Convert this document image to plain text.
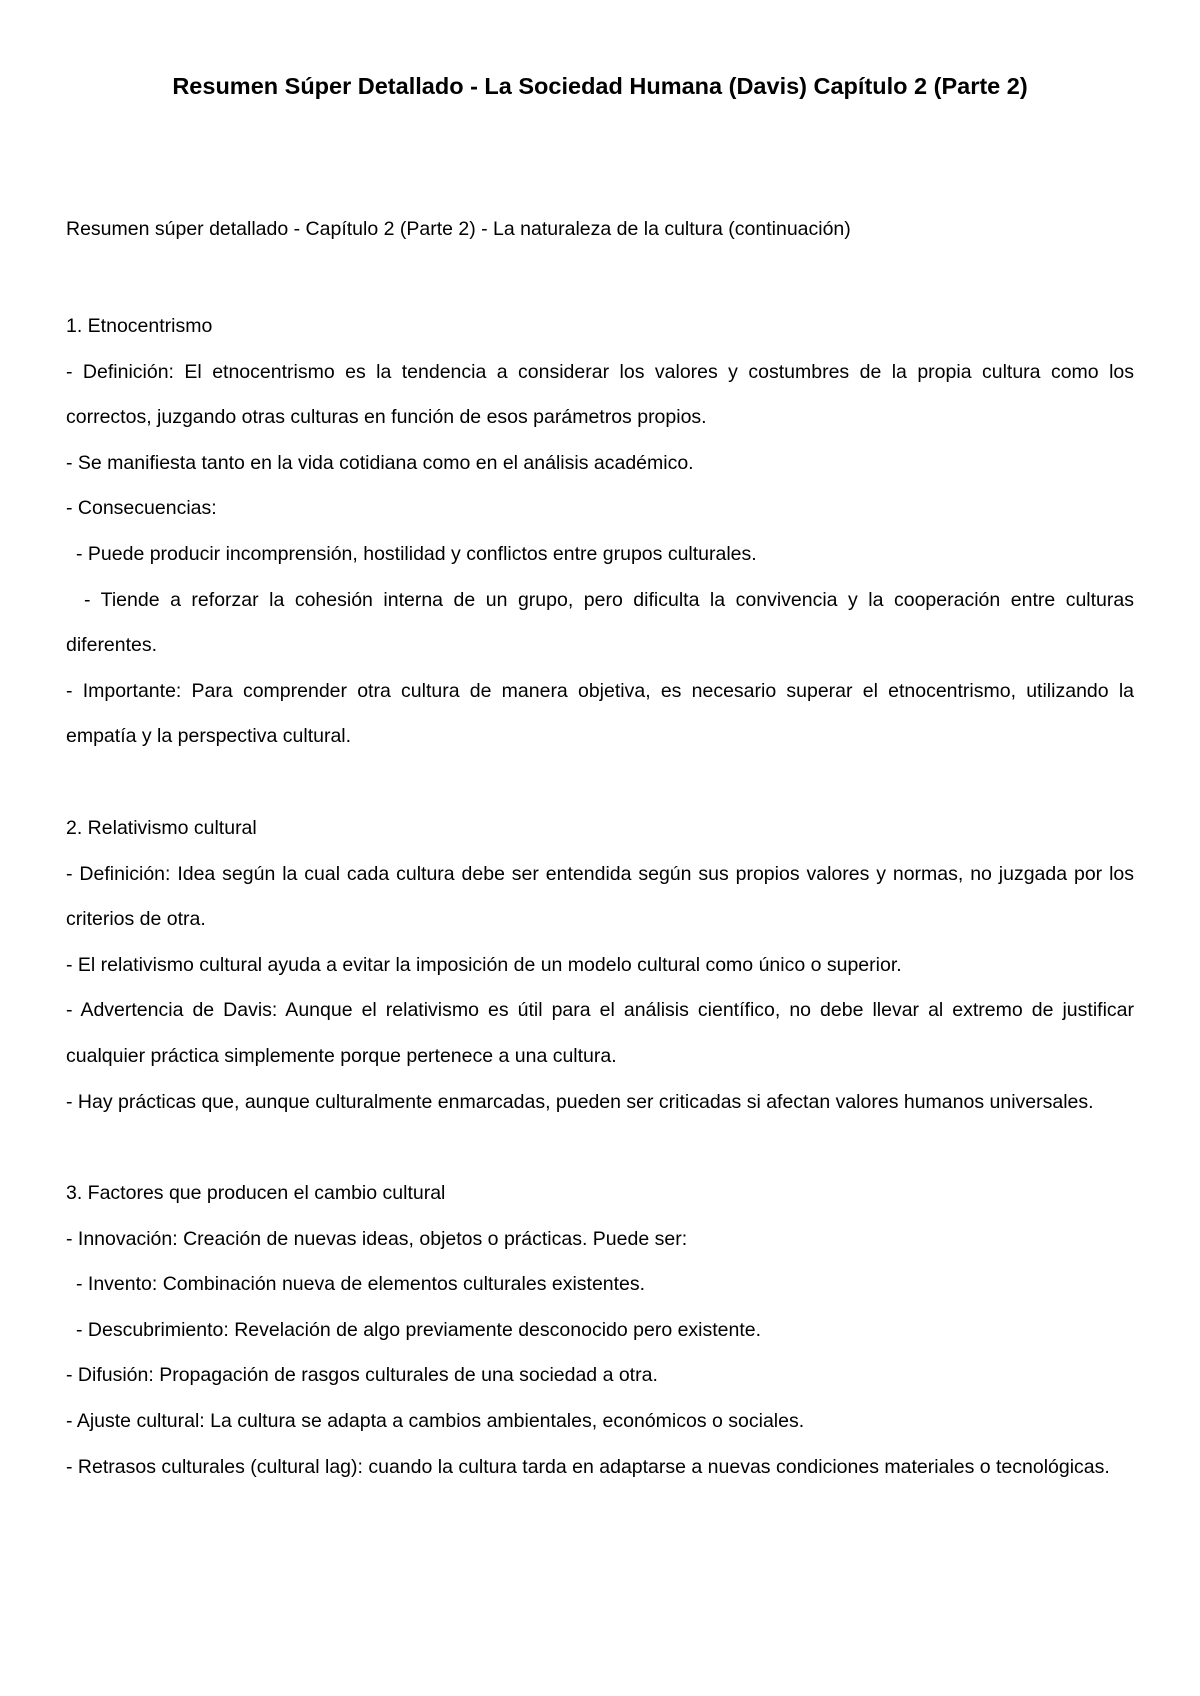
Resumen Súper Detallado - La Sociedad Humana (Davis) Capítulo 2 (Parte 2)
Resumen súper detallado - Capítulo 2 (Parte 2) - La naturaleza de la cultura (continuación)
1. Etnocentrismo
- Definición: El etnocentrismo es la tendencia a considerar los valores y costumbres de la propia cultura como los correctos, juzgando otras culturas en función de esos parámetros propios.
- Se manifiesta tanto en la vida cotidiana como en el análisis académico.
- Consecuencias:
- Puede producir incomprensión, hostilidad y conflictos entre grupos culturales.
- Tiende a reforzar la cohesión interna de un grupo, pero dificulta la convivencia y la cooperación entre culturas diferentes.
- Importante: Para comprender otra cultura de manera objetiva, es necesario superar el etnocentrismo, utilizando la empatía y la perspectiva cultural.
2. Relativismo cultural
- Definición: Idea según la cual cada cultura debe ser entendida según sus propios valores y normas, no juzgada por los criterios de otra.
- El relativismo cultural ayuda a evitar la imposición de un modelo cultural como único o superior.
- Advertencia de Davis: Aunque el relativismo es útil para el análisis científico, no debe llevar al extremo de justificar cualquier práctica simplemente porque pertenece a una cultura.
- Hay prácticas que, aunque culturalmente enmarcadas, pueden ser criticadas si afectan valores humanos universales.
3. Factores que producen el cambio cultural
- Innovación: Creación de nuevas ideas, objetos o prácticas. Puede ser:
- Invento: Combinación nueva de elementos culturales existentes.
- Descubrimiento: Revelación de algo previamente desconocido pero existente.
- Difusión: Propagación de rasgos culturales de una sociedad a otra.
- Ajuste cultural: La cultura se adapta a cambios ambientales, económicos o sociales.
- Retrasos culturales (cultural lag): cuando la cultura tarda en adaptarse a nuevas condiciones materiales o tecnológicas.
